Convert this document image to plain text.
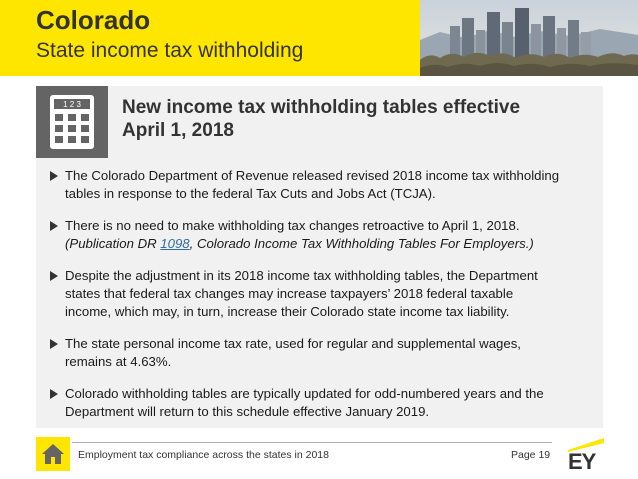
Colorado
State income tax withholding
1 2 3 New income tax withholding tables effective
April 1, 2018
The Colorado Department of Revenue released revised 2018 income tax withholding
tables in response to the federal Tax Cuts and Jobs Act (TCJA).
There is no need to make withholding tax changes retroactive to April 1, 2018.
(Publication DR 1098, Colorado Income Tax Withholding Tables For Employers.)
Despite the adjustment in its 2018 income tax withholding tables, the Department
states that federal tax changes may increase taxpayers’ 2018 federal taxable
income, which may, in turn, increase their Colorado state income tax liability.
The state personal income tax rate, used for regular and supplemental wages,
remains at 4.63%.
Colorado withholding tables are typically updated for odd-numbered years and the
Department will return to this schedule effective January 2019.
Employment tax compliance across the states in 2018	Page 19 EY
